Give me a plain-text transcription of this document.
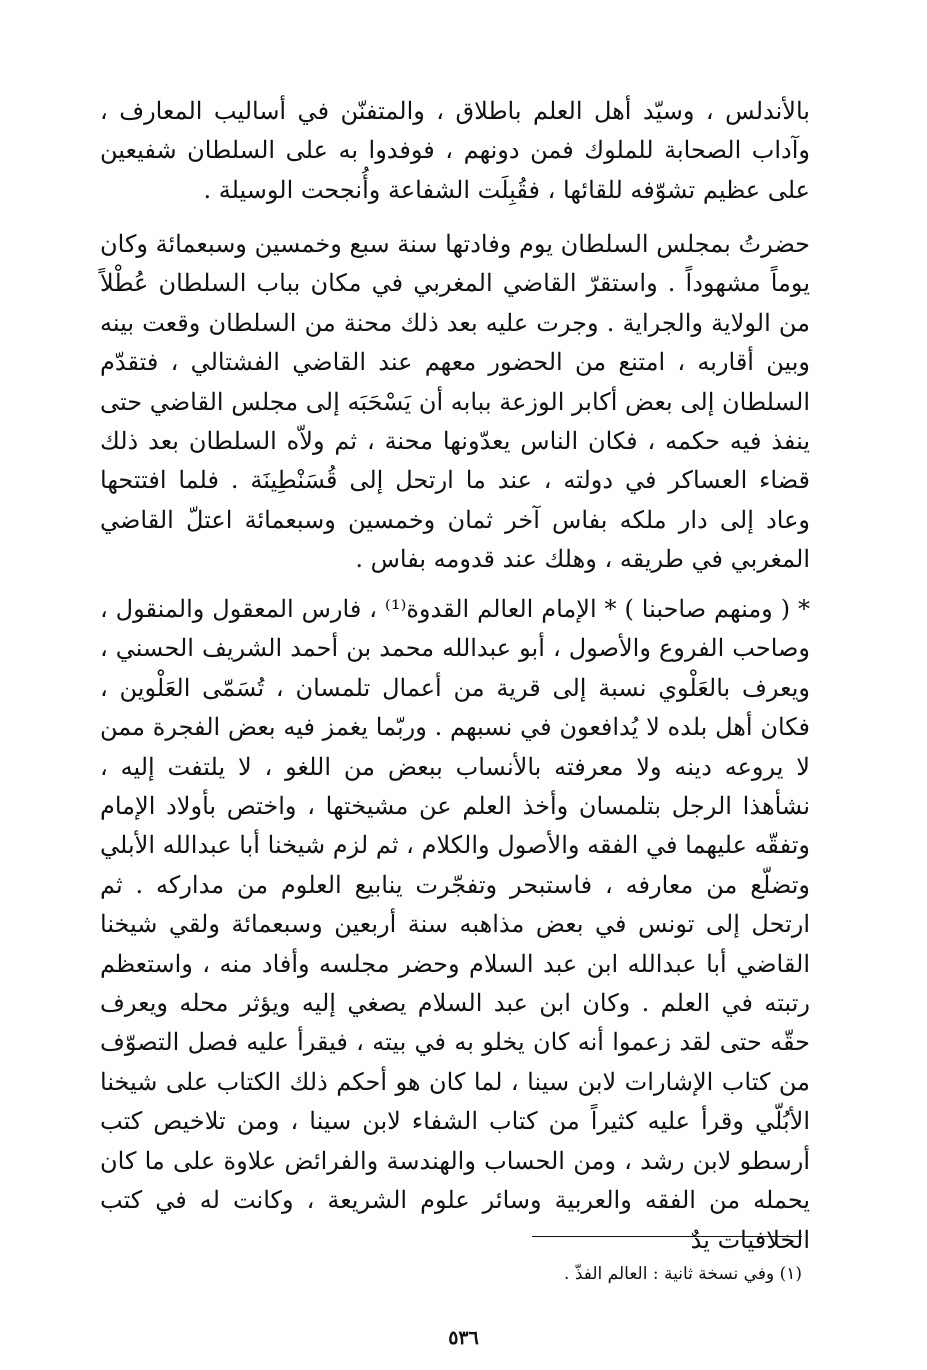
بالأندلس ، وسيّد أهل العلم باطلاق ، والمتفنّن في أساليب المعارف ، وآداب الصحابة للملوك فمن دونهم ، فوفدوا به على السلطان شفيعين على عظيم تشوّفه للقائها ، فقُبِلَت الشفاعة وأُنجحت الوسيلة .

حضرتُ بمجلس السلطان يوم وفادتها سنة سبع وخمسين وسبعمائة وكان يوماً مشهوداً . واستقرّ القاضي المغربي في مكان بباب السلطان عُطْلاً من الولاية والجراية . وجرت عليه بعد ذلك محنة من السلطان وقعت بينه وبين أقاربه ، امتنع من الحضور معهم عند القاضي الفشتالي ، فتقدّم السلطان إلى بعض أكابر الوزعة ببابه أن يَسْحَبَه إلى مجلس القاضي حتى ينفذ فيه حكمه ، فكان الناس يعدّونها محنة ، ثم ولاّه السلطان بعد ذلك قضاء العساكر في دولته ، عند ما ارتحل إلى قُسَنْطِينَة . فلما افتتحها وعاد إلى دار ملكه بفاس آخر ثمان وخمسين وسبعمائة اعتلّ القاضي المغربي في طريقه ، وهلك عند قدومه بفاس .

* ( ومنهم صاحبنا ) * الإمام العالم القدوة⁽¹⁾ ، فارس المعقول والمنقول ، وصاحب الفروع والأصول ، أبو عبدالله محمد بن أحمد الشريف الحسني ، ويعرف بالعَلْوي نسبة إلى قرية من أعمال تلمسان ، تُسَمّى العَلْوين ، فكان أهل بلده لا يُدافعون في نسبهم . وربّما يغمز فيه بعض الفجرة ممن لا يروعه دينه ولا معرفته بالأنساب ببعض من اللغو ، لا يلتفت إليه ، نشأهذا الرجل بتلمسان وأخذ العلم عن مشيختها ، واختص بأولاد الإمام وتفقّه عليهما في الفقه والأصول والكلام ، ثم لزم شيخنا أبا عبدالله الأبلي وتضلّع من معارفه ، فاستبحر وتفجّرت ينابيع العلوم من مداركه . ثم ارتحل إلى تونس في بعض مذاهبه سنة أربعين وسبعمائة ولقي شيخنا القاضي أبا عبدالله ابن عبد السلام وحضر مجلسه وأفاد منه ، واستعظم رتبته في العلم . وكان ابن عبد السلام يصغي إليه ويؤثر محله ويعرف حقّه حتى لقد زعموا أنه كان يخلو به في بيته ، فيقرأ عليه فصل التصوّف من كتاب الإشارات لابن سينا ، لما كان هو أحكم ذلك الكتاب على شيخنا الأبُلّي وقرأ عليه كثيراً من كتاب الشفاء لابن سينا ، ومن تلاخيص كتب أرسطو لابن رشد ، ومن الحساب والهندسة والفرائض علاوة على ما كان يحمله من الفقه والعربية وسائر علوم الشريعة ، وكانت له في كتب الخلافيات يدٌ

(١) وفي نسخة ثانية : العالم الفذّ .
٥٣٦
